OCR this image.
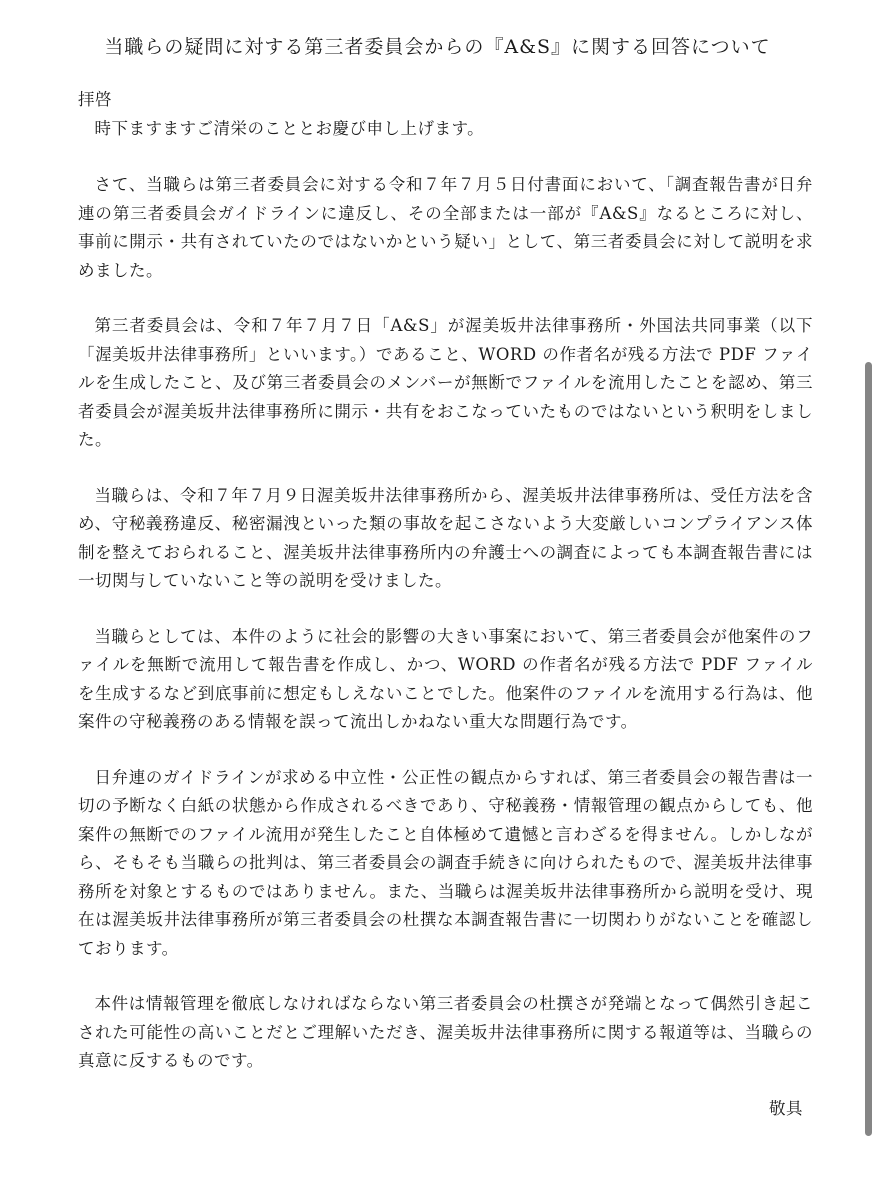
当職らの疑問に対する第三者委員会からの『A&S』に関する回答について

拝啓

時下ますますご清栄のこととお慶び申し上げます。

さて、当職らは第三者委員会に対する令和７年７月５日付書面において、「調査報告書が日弁連の第三者委員会ガイドラインに違反し、その全部または一部が『A&S』なるところに対し、事前に開示・共有されていたのではないかという疑い」として、第三者委員会に対して説明を求めました。

第三者委員会は、令和７年７月７日「A&S」が渥美坂井法律事務所・外国法共同事業（以下「渥美坂井法律事務所」といいます。）であること、WORD の作者名が残る方法で PDF ファイルを生成したこと、及び第三者委員会のメンバーが無断でファイルを流用したことを認め、第三者委員会が渥美坂井法律事務所に開示・共有をおこなっていたものではないという釈明をしました。

当職らは、令和７年７月９日渥美坂井法律事務所から、渥美坂井法律事務所は、受任方法を含め、守秘義務違反、秘密漏洩といった類の事故を起こさないよう大変厳しいコンプライアンス体制を整えておられること、渥美坂井法律事務所内の弁護士への調査によっても本調査報告書には一切関与していないこと等の説明を受けました。

当職らとしては、本件のように社会的影響の大きい事案において、第三者委員会が他案件のファイルを無断で流用して報告書を作成し、かつ、WORD の作者名が残る方法で PDF ファイルを生成するなど到底事前に想定もしえないことでした。他案件のファイルを流用する行為は、他案件の守秘義務のある情報を誤って流出しかねない重大な問題行為です。

日弁連のガイドラインが求める中立性・公正性の観点からすれば、第三者委員会の報告書は一切の予断なく白紙の状態から作成されるべきであり、守秘義務・情報管理の観点からしても、他案件の無断でのファイル流用が発生したこと自体極めて遺憾と言わざるを得ません。しかしながら、そもそも当職らの批判は、第三者委員会の調査手続きに向けられたもので、渥美坂井法律事務所を対象とするものではありません。また、当職らは渥美坂井法律事務所から説明を受け、現在は渥美坂井法律事務所が第三者委員会の杜撰な本調査報告書に一切関わりがないことを確認しております。

本件は情報管理を徹底しなければならない第三者委員会の杜撰さが発端となって偶然引き起こされた可能性の高いことだとご理解いただき、渥美坂井法律事務所に関する報道等は、当職らの真意に反するものです。

敬具
